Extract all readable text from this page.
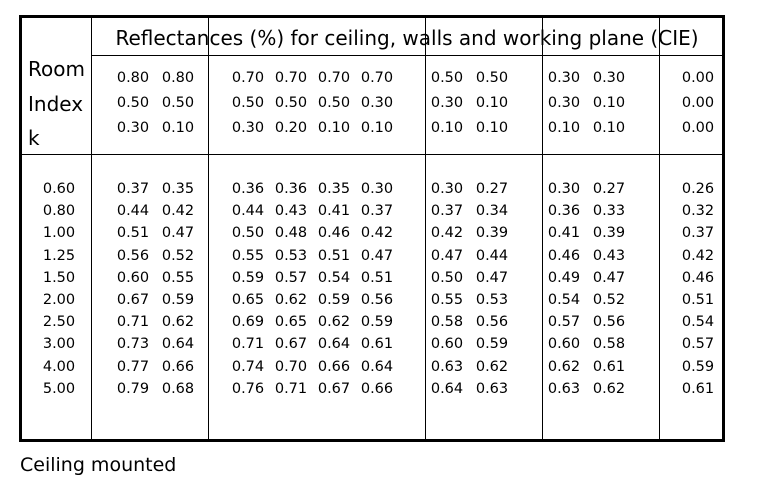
Reflectances (%) for ceiling, walls and working plane (CIE)
Room
Index
k
0.80 0.80	0.70 0.70 0.70 0.70	0.50 0.50	0.30 0.30	0.00
0.50 0.50	0.50 0.50 0.50 0.30	0.30 0.10	0.30 0.10	0.00
0.30 0.10	0.30 0.20 0.10 0.10	0.10 0.10	0.10 0.10	0.00
0.60	0.37 0.35	0.36 0.36 0.35 0.30	0.30 0.27	0.30 0.27	0.26
0.80	0.44 0.42	0.44 0.43 0.41 0.37	0.37 0.34	0.36 0.33	0.32
1.00	0.51 0.47	0.50 0.48 0.46 0.42	0.42 0.39	0.41 0.39	0.37
1.25	0.56 0.52	0.55 0.53 0.51 0.47	0.47 0.44	0.46 0.43	0.42
1.50	0.60 0.55	0.59 0.57 0.54 0.51	0.50 0.47	0.49 0.47	0.46
2.00	0.67 0.59	0.65 0.62 0.59 0.56	0.55 0.53	0.54 0.52	0.51
2.50	0.71 0.62	0.69 0.65 0.62 0.59	0.58 0.56	0.57 0.56	0.54
3.00	0.73 0.64	0.71 0.67 0.64 0.61	0.60 0.59	0.60 0.58	0.57
4.00	0.77 0.66	0.74 0.70 0.66 0.64	0.63 0.62	0.62 0.61	0.59
5.00	0.79 0.68	0.76 0.71 0.67 0.66	0.64 0.63	0.63 0.62	0.61
Ceiling mounted
